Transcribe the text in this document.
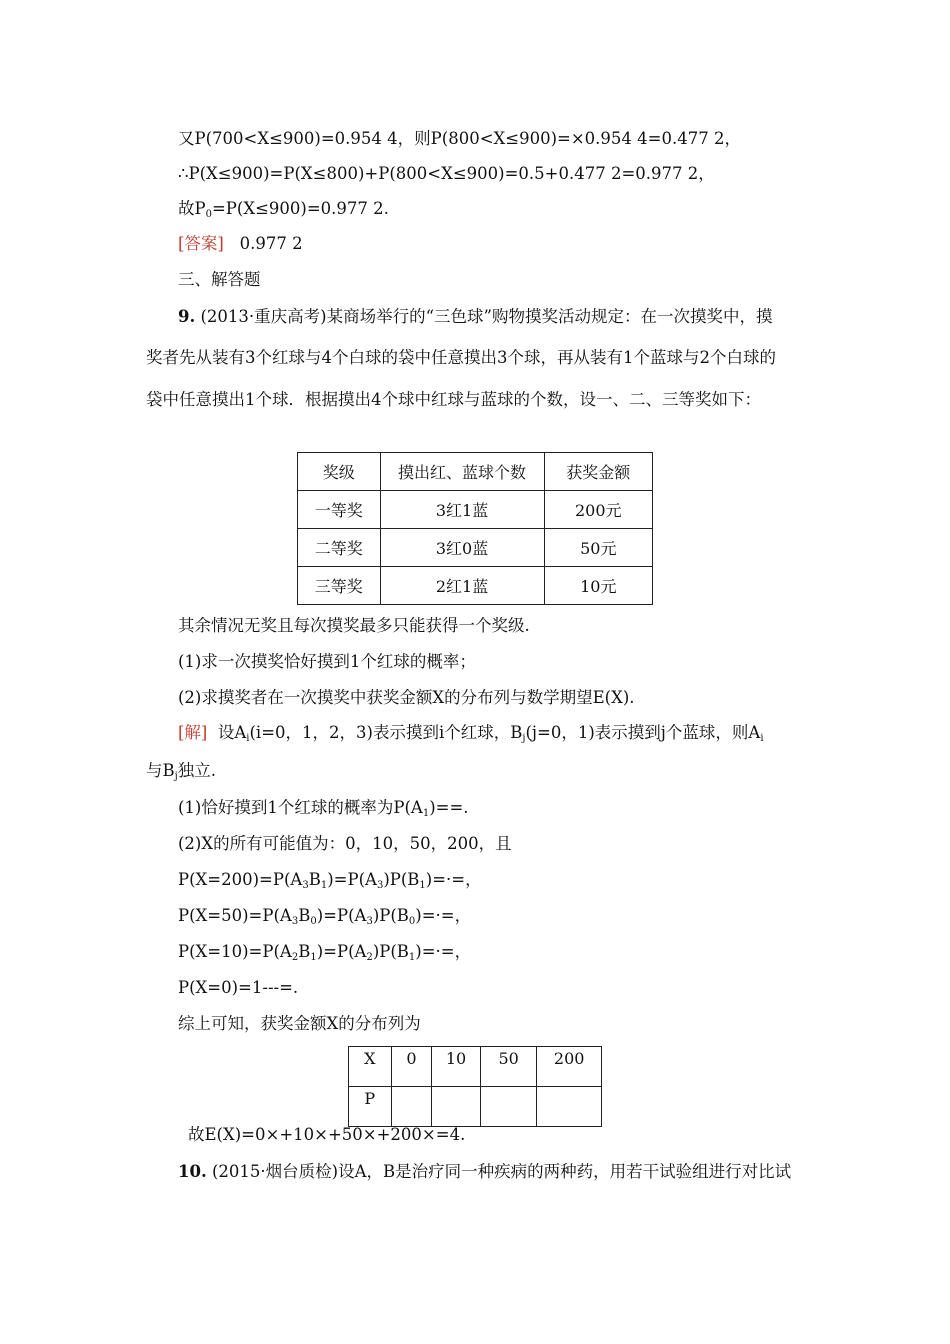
又P(700<X≤900)=0.954 4，则P(800<X≤900)=×0.954 4=0.477 2，
∴P(X≤900)=P(X≤800)+P(800<X≤900)=0.5+0.477 2=0.977 2，
故$P_0=P(X\le 900)=0.977$ 2.
[答案] 0.977 2
三、解答题
9. (2013·重庆高考)某商场举行的“三色球”购物摸奖活动规定：在一次摸奖中，摸
奖者先从装有3个红球与4个白球的袋中任意摸出3个球，再从装有1个蓝球与2个白球的
袋中任意摸出1个球．根据摸出4个球中红球与蓝球的个数，设一、二、三等奖如下：
奖级	摸出红、蓝球个数	获奖金额
一等奖	3红1蓝	200元
二等奖	3红0蓝	50元
三等奖	2红1蓝	10元
其余情况无奖且每次摸奖最多只能获得一个奖级.
(1)求一次摸奖恰好摸到1个红球的概率；
(2)求摸奖者在一次摸奖中获奖金额X的分布列与数学期望E(X).
[解] 设$A_i(i=0$，1，2，3)表示摸到i个红球，$B_j(j=0$，1)表示摸到j个蓝球，则$A_i$
与$B_j$独立.
(1)恰好摸到1个红球的概率为$P(A_1)==$.
(2)X的所有可能值为：0，10，50，200，且
$P(X=200)=P(A_3B_1)=P(A_3)P(B_1)=\cdot=$，
$P(X=50)=P(A_3B_0)=P(A_3)P(B_0)=\cdot=$，
$P(X=10)=P(A_2B_1)=P(A_2)P(B_1)=\cdot=$，
P(X=0)=1---=.
综上可知，获奖金额X的分布列为
X	0	10	50	200
P				
故E(X)=0×+10×+50×+200×=4.
10. (2015·烟台质检)设A，B是治疗同一种疾病的两种药，用若干试验组进行对比试
